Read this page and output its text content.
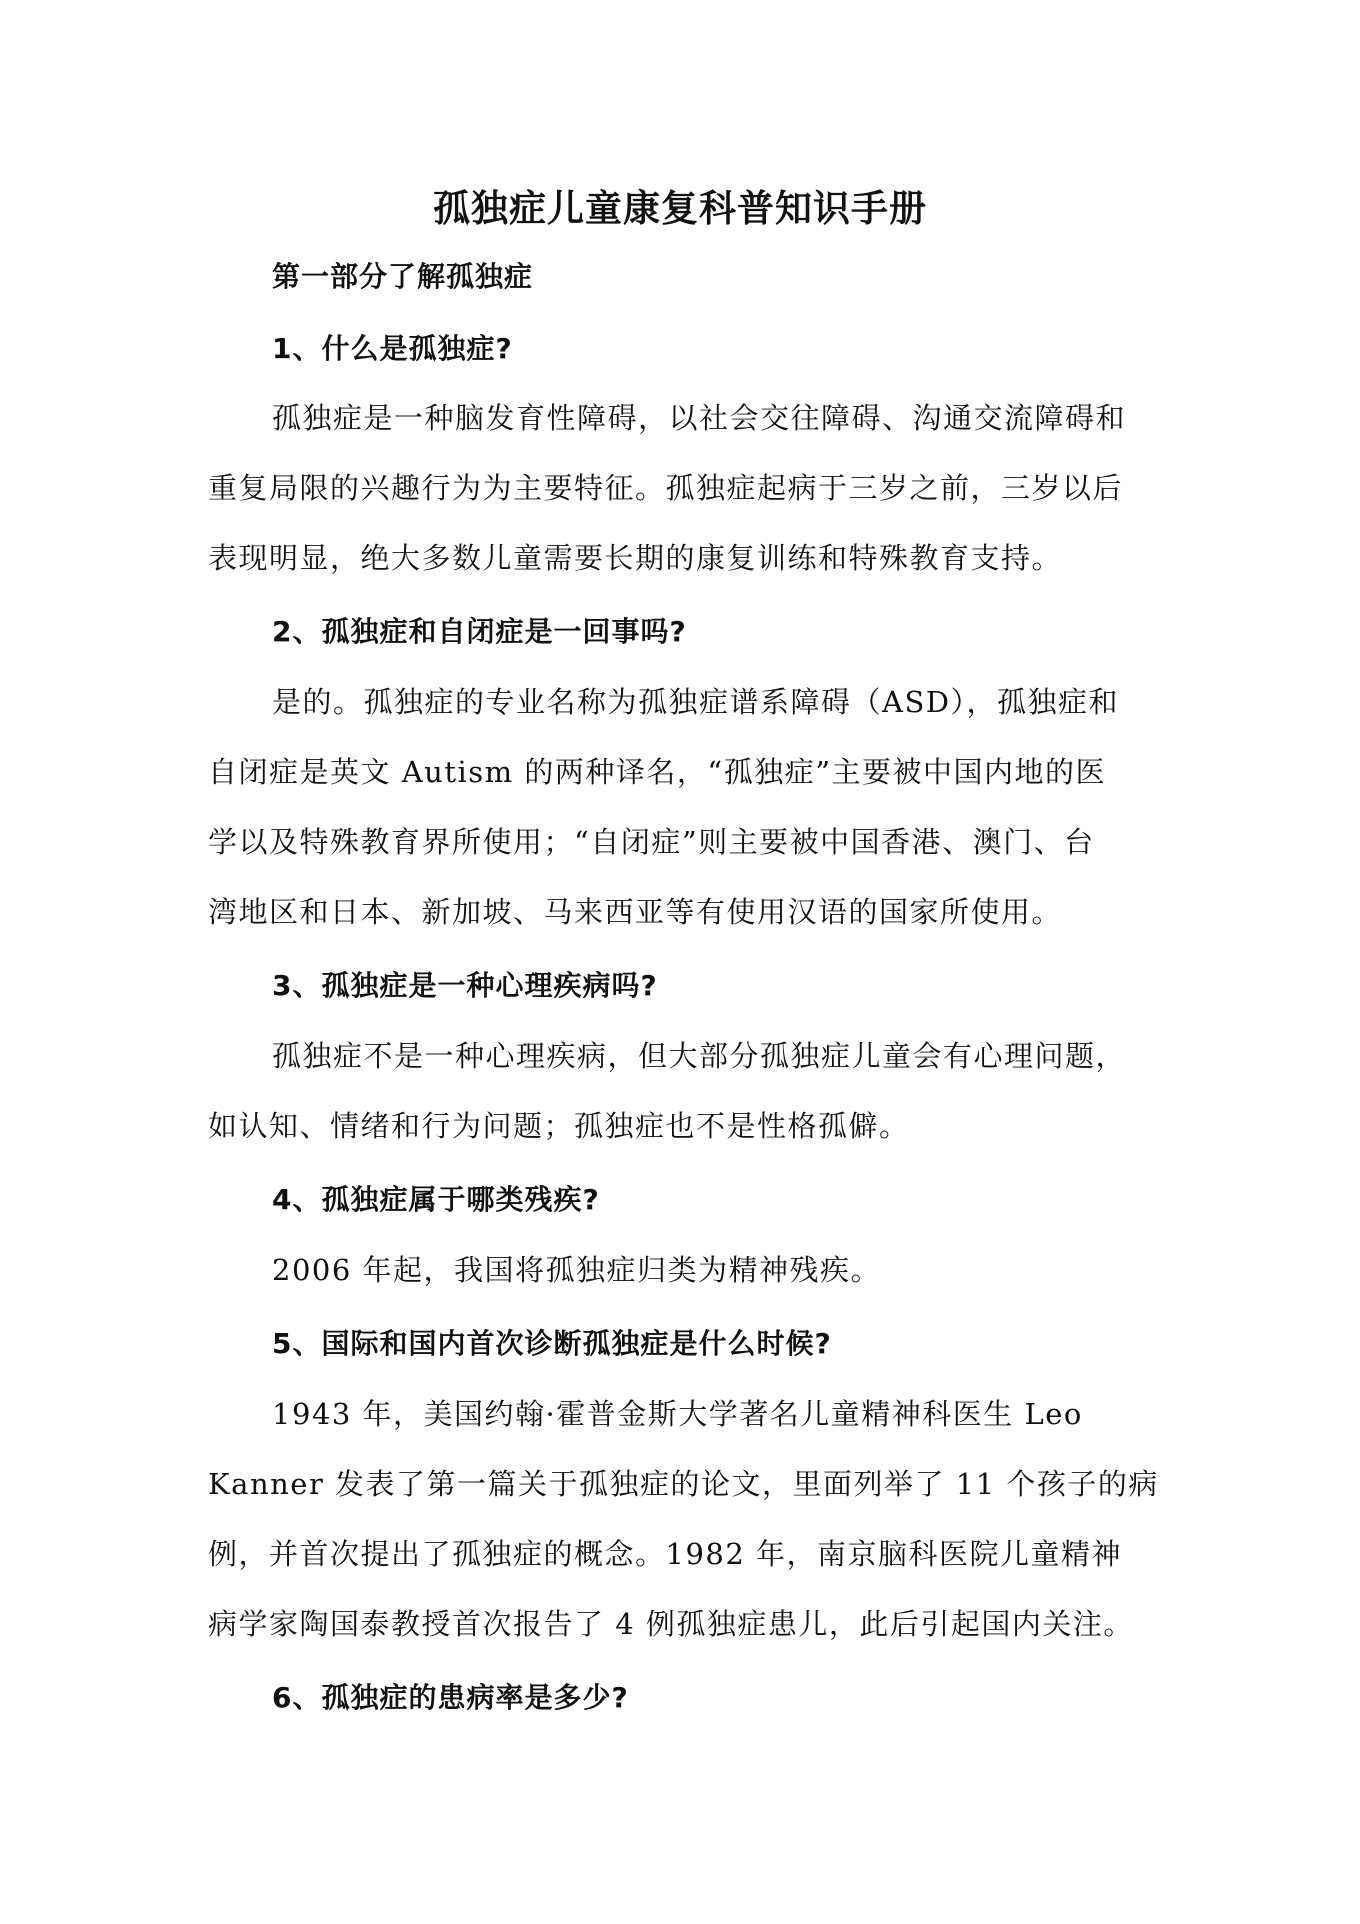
孤独症儿童康复科普知识手册
第一部分了解孤独症
1、什么是孤独症?
孤独症是一种脑发育性障碍，以社会交往障碍、沟通交流障碍和
重复局限的兴趣行为为主要特征。孤独症起病于三岁之前，三岁以后
表现明显，绝大多数儿童需要长期的康复训练和特殊教育支持。
2、孤独症和自闭症是一回事吗?
是的。孤独症的专业名称为孤独症谱系障碍（ASD），孤独症和
自闭症是英文 Autism 的两种译名，“孤独症”主要被中国内地的医
学以及特殊教育界所使用；“自闭症”则主要被中国香港、澳门、台
湾地区和日本、新加坡、马来西亚等有使用汉语的国家所使用。
3、孤独症是一种心理疾病吗?
孤独症不是一种心理疾病，但大部分孤独症儿童会有心理问题，
如认知、情绪和行为问题；孤独症也不是性格孤僻。
4、孤独症属于哪类残疾?
2006 年起，我国将孤独症归类为精神残疾。
5、国际和国内首次诊断孤独症是什么时候?
1943 年，美国约翰·霍普金斯大学著名儿童精神科医生 Leo
Kanner 发表了第一篇关于孤独症的论文，里面列举了 11 个孩子的病
例，并首次提出了孤独症的概念。1982 年，南京脑科医院儿童精神
病学家陶国泰教授首次报告了 4 例孤独症患儿，此后引起国内关注。
6、孤独症的患病率是多少?
